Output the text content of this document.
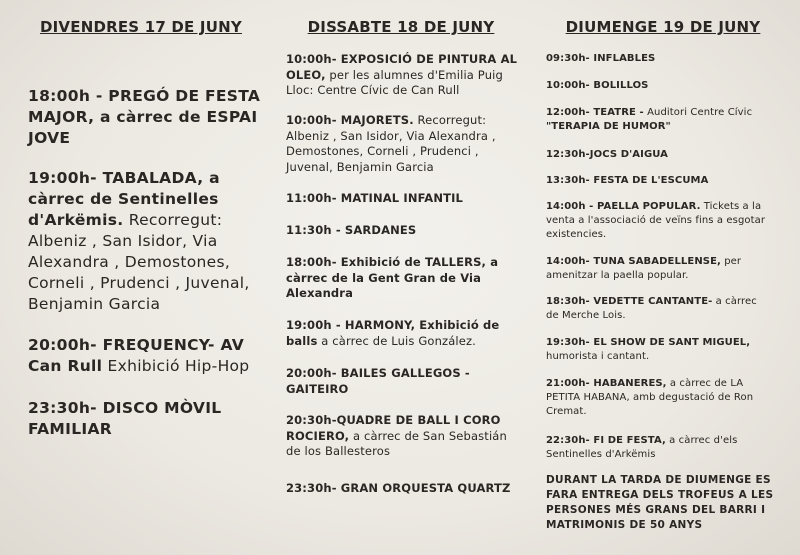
DIVENDRES 17 DE JUNY
18:00h - PREGÓ DE FESTA MAJOR, a càrrec de ESPAI JOVE
19:00h- TABALADA, a càrrec de Sentinelles d'Arkëmis. Recorregut: Albeniz , San Isidor, Via Alexandra , Demostones, Corneli , Prudenci , Juvenal, Benjamin Garcia
20:00h- FREQUENCY- AV Can Rull Exhibició Hip-Hop
23:30h- DISCO MÒVIL FAMILIAR
DISSABTE 18 DE JUNY
10:00h- EXPOSICIÓ DE PINTURA AL OLEO, per les alumnes d'Emilia Puig Lloc: Centre Cívic de Can Rull
10:00h- MAJORETS. Recorregut: Albeniz , San Isidor, Via Alexandra , Demostones, Corneli , Prudenci , Juvenal, Benjamin Garcia
11:00h- MATINAL INFANTIL
11:30h - SARDANES
18:00h- Exhibició de TALLERS, a càrrec de la Gent Gran de Via Alexandra
19:00h - HARMONY, Exhibició de balls a càrrec de Luis González.
20:00h- BAILES GALLEGOS - GAITEIRO
20:30h-QUADRE DE BALL I CORO ROCIERO, a càrrec de San Sebastián de los Ballesteros
23:30h- GRAN ORQUESTA QUARTZ
DIUMENGE 19 DE JUNY
09:30h- INFLABLES
10:00h- BOLILLOS
12:00h- TEATRE - Auditori Centre Cívic
"TERAPIA DE HUMOR"
12:30h-JOCS D'AIGUA
13:30h- FESTA DE L'ESCUMA
14:00h - PAELLA POPULAR. Tickets a la venta a l'associació de veïns fins a esgotar existencies.
14:00h- TUNA SABADELLENSE, per amenitzar la paella popular.
18:30h- VEDETTE CANTANTE- a càrrec de Merche Lois.
19:30h- EL SHOW DE SANT MIGUEL, humorista i cantant.
21:00h- HABANERES, a càrrec de LA PETITA HABANA, amb degustació de Ron Cremat.
22:30h- FI DE FESTA, a càrrec d'els Sentinelles d'Arkëmis
DURANT LA TARDA DE DIUMENGE ES FARA ENTREGA DELS TROFEUS A LES PERSONES MÉS GRANS DEL BARRI I MATRIMONIS DE 50 ANYS
